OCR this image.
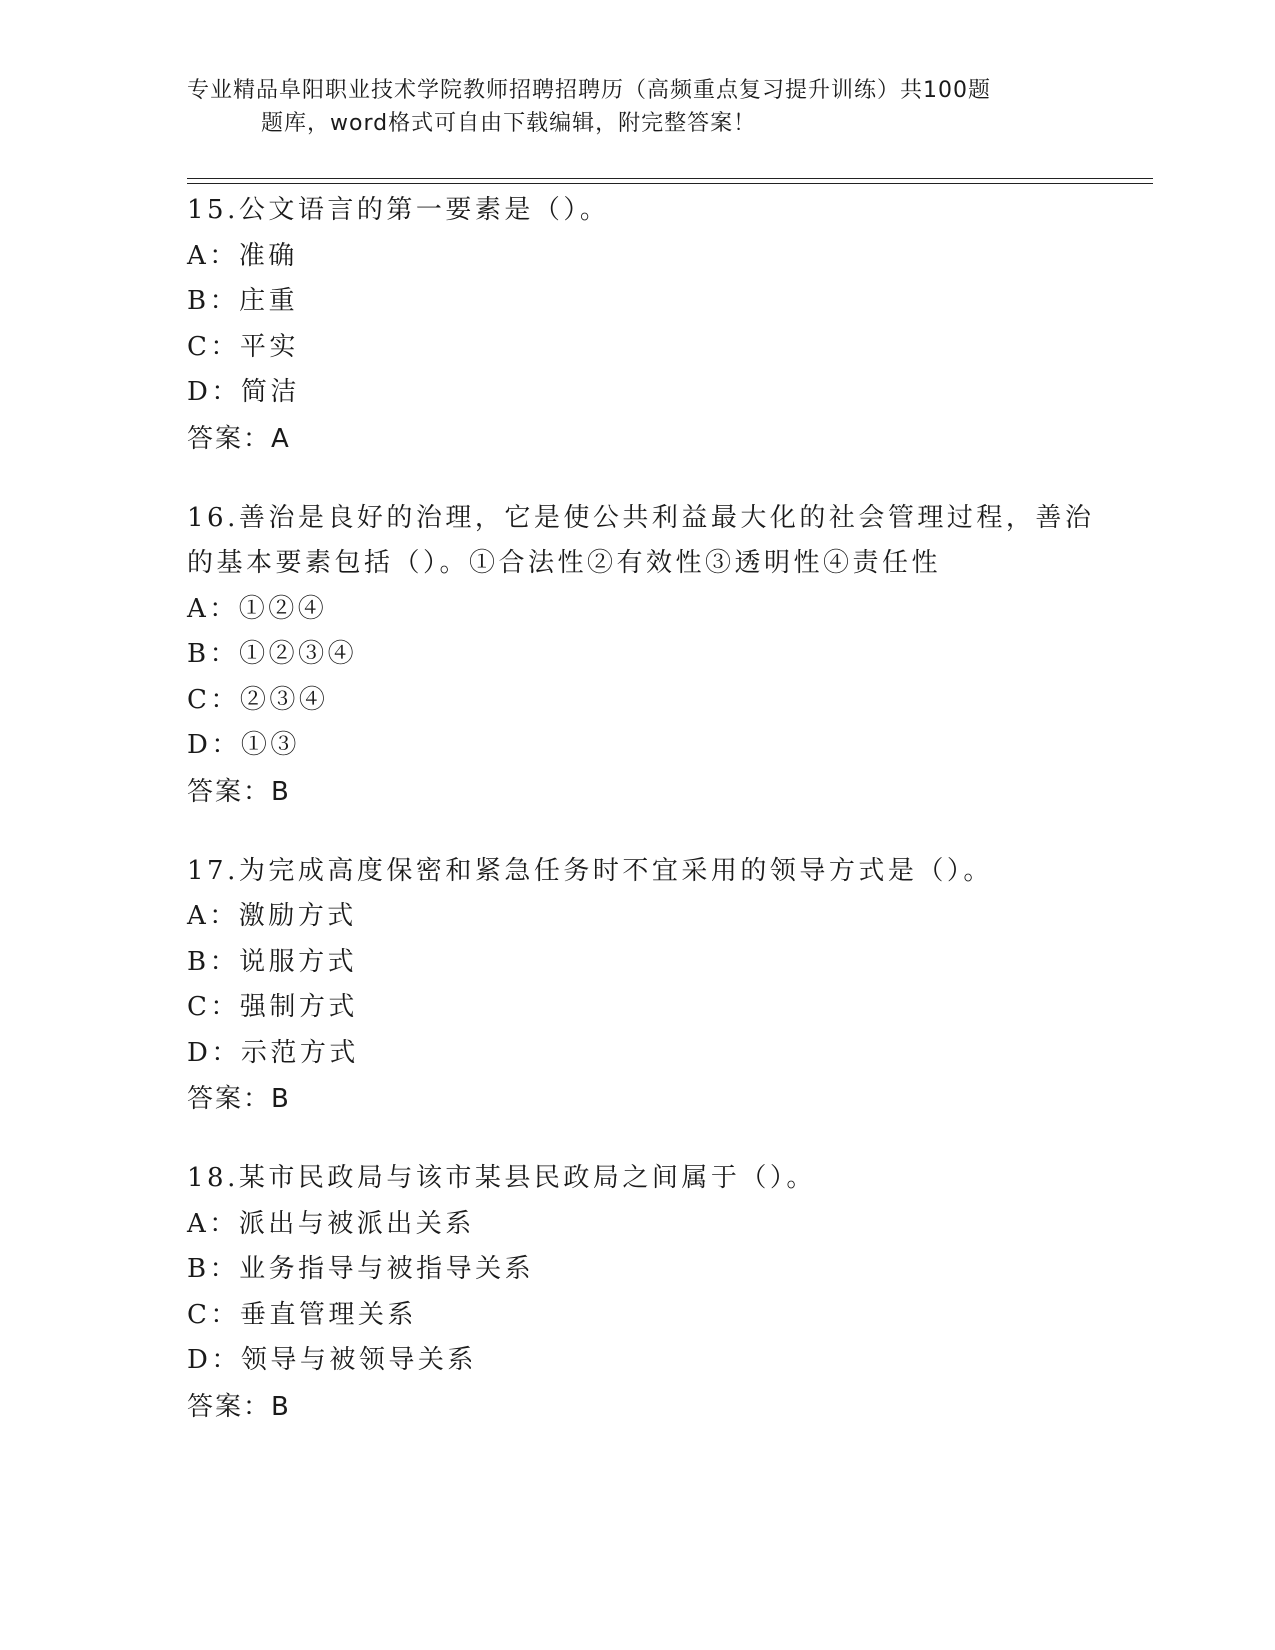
专业精品阜阳职业技术学院教师招聘招聘历（高频重点复习提升训练）共100题
题库，word格式可自由下载编辑，附完整答案！
15.公文语言的第一要素是（）。
A：准确
B：庄重
C：平实
D：简洁
答案：A
16.善治是良好的治理，它是使公共利益最大化的社会管理过程，善治
的基本要素包括（）。①合法性②有效性③透明性④责任性
A：①②④
B：①②③④
C：②③④
D：①③
答案：B
17.为完成高度保密和紧急任务时不宜采用的领导方式是（）。
A：激励方式
B：说服方式
C：强制方式
D：示范方式
答案：B
18.某市民政局与该市某县民政局之间属于（）。
A：派出与被派出关系
B：业务指导与被指导关系
C：垂直管理关系
D：领导与被领导关系
答案：B
